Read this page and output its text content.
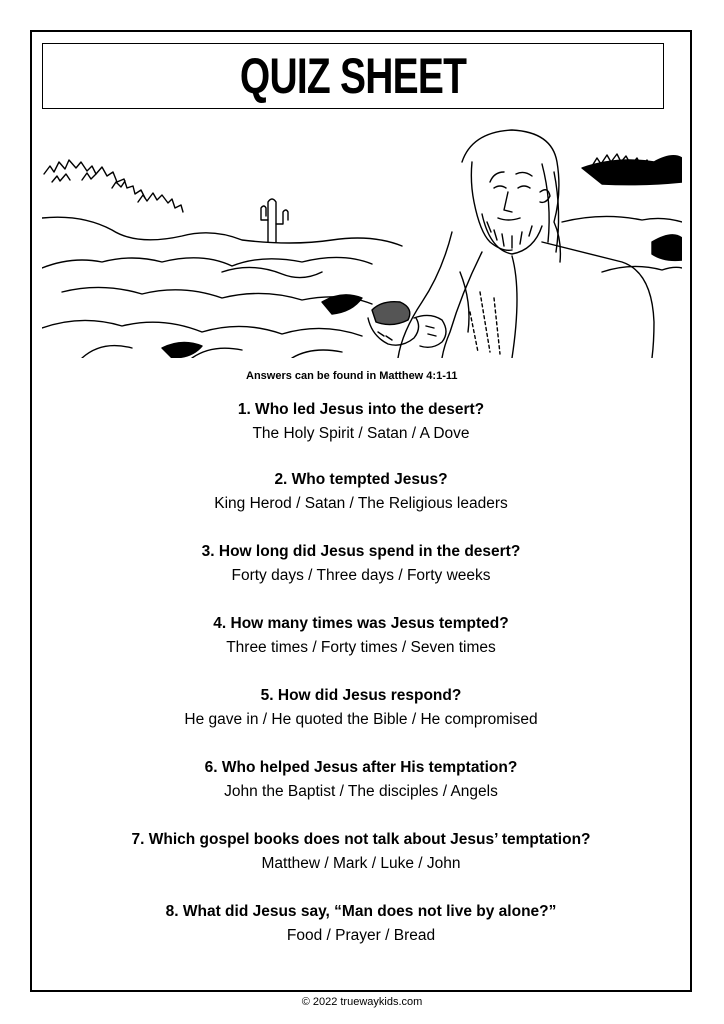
QUIZ SHEET
Answers can be found in Matthew 4:1-11
1. Who led Jesus into the desert?
The Holy Spirit / Satan / A Dove
2. Who tempted Jesus?
King Herod / Satan / The Religious leaders
3. How long did Jesus spend in the desert?
Forty days / Three days / Forty weeks
4. How many times was Jesus tempted?
Three times / Forty times / Seven times
5. How did Jesus respond?
He gave in / He quoted the Bible / He compromised
6. Who helped Jesus after His temptation?
John the Baptist / The disciples / Angels
7. Which gospel books does not talk about Jesus’ temptation?
Matthew / Mark / Luke / John
8. What did Jesus say, “Man does not live by alone?”
Food / Prayer / Bread
© 2022 truewaykids.com
